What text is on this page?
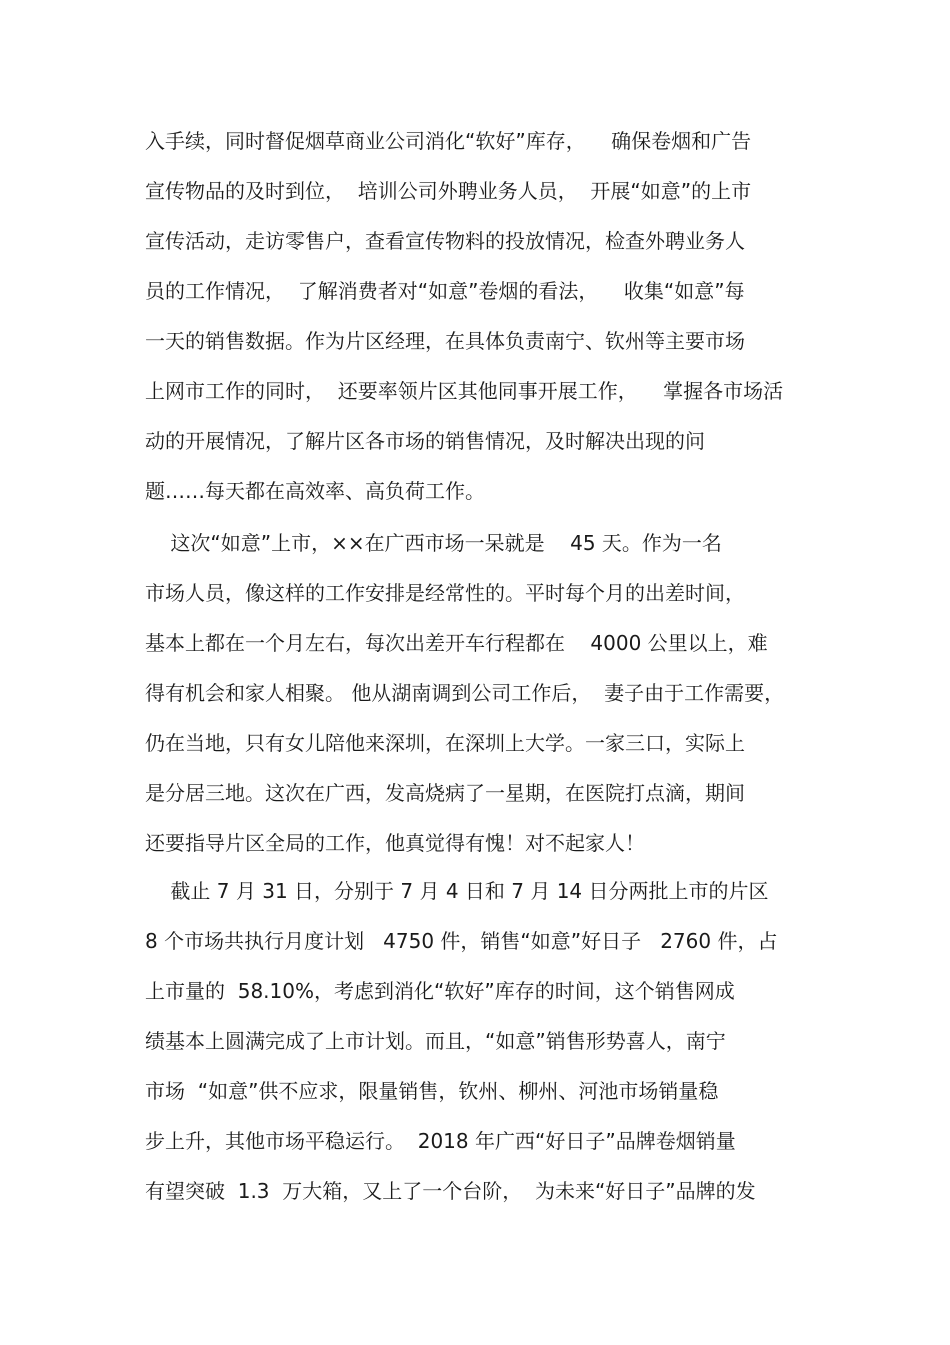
入手续，同时督促烟草商业公司消化“软好”库存，    确保卷烟和广告
宣传物品的及时到位，  培训公司外聘业务人员，  开展“如意”的上市
宣传活动，走访零售户，查看宣传物料的投放情况，检查外聘业务人
员的工作情况，  了解消费者对“如意”卷烟的看法，    收集“如意”每
一天的销售数据。作为片区经理，在具体负责南宁、钦州等主要市场
上网市工作的同时，  还要率领片区其他同事开展工作，    掌握各市场活
动的开展情况，了解片区各市场的销售情况，及时解决出现的问
题……每天都在高效率、高负荷工作。
这次“如意”上市，××在广西市场一呆就是    45 天。作为一名
市场人员，像这样的工作安排是经常性的。平时每个月的出差时间，
基本上都在一个月左右，每次出差开车行程都在    4000 公里以上，难
得有机会和家人相聚。 他从湖南调到公司工作后，  妻子由于工作需要，
仍在当地，只有女儿陪他来深圳，在深圳上大学。一家三口，实际上
是分居三地。这次在广西，发高烧病了一星期，在医院打点滴，期间
还要指导片区全局的工作，他真觉得有愧！对不起家人！
截止 7 月 31 日，分别于 7 月 4 日和 7 月 14 日分两批上市的片区
8 个市场共执行月度计划   4750 件，销售“如意”好日子   2760 件，占
上市量的  58.10%，考虑到消化“软好”库存的时间，这个销售网成
绩基本上圆满完成了上市计划。而且，“如意”销售形势喜人，南宁
市场  “如意”供不应求，限量销售，钦州、柳州、河池市场销量稳
步上升，其他市场平稳运行。  2018 年广西“好日子”品牌卷烟销量
有望突破  1.3  万大箱，又上了一个台阶，  为未来“好日子”品牌的发
